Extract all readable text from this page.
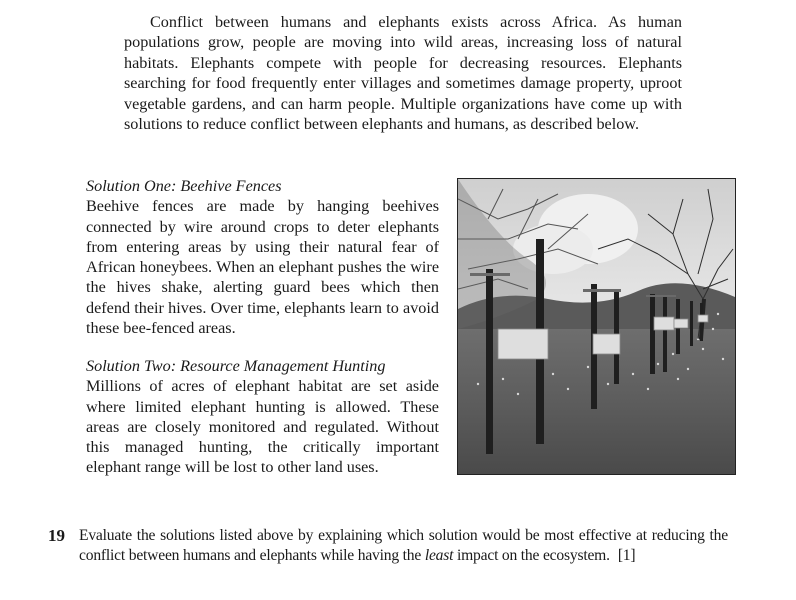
Conflict between humans and elephants exists across Africa. As human populations grow, people are moving into wild areas, increasing loss of natural habitats. Elephants compete with people for decreasing resources. Elephants searching for food frequently enter villages and sometimes damage property, uproot vegetable gardens, and can harm people. Multiple organizations have come up with solutions to reduce conflict between elephants and humans, as described below.

Solution One: Beehive Fences
Beehive fences are made by hanging beehives connected by wire around crops to deter elephants from entering areas by using their natural fear of African honeybees. When an elephant pushes the wire the hives shake, alerting guard bees which then defend their hives. Over time, elephants learn to avoid these bee-fenced areas.
Solution Two: Resource Management Hunting
Millions of acres of elephant habitat are set aside where limited elephant hunting is allowed. These areas are closely monitored and regulated. Without this managed hunting, the critically important elephant range will be lost to other land uses.
19 Evaluate the solutions listed above by explaining which solution would be most effective at reducing the conflict between humans and elephants while having the least impact on the ecosystem. [1]
